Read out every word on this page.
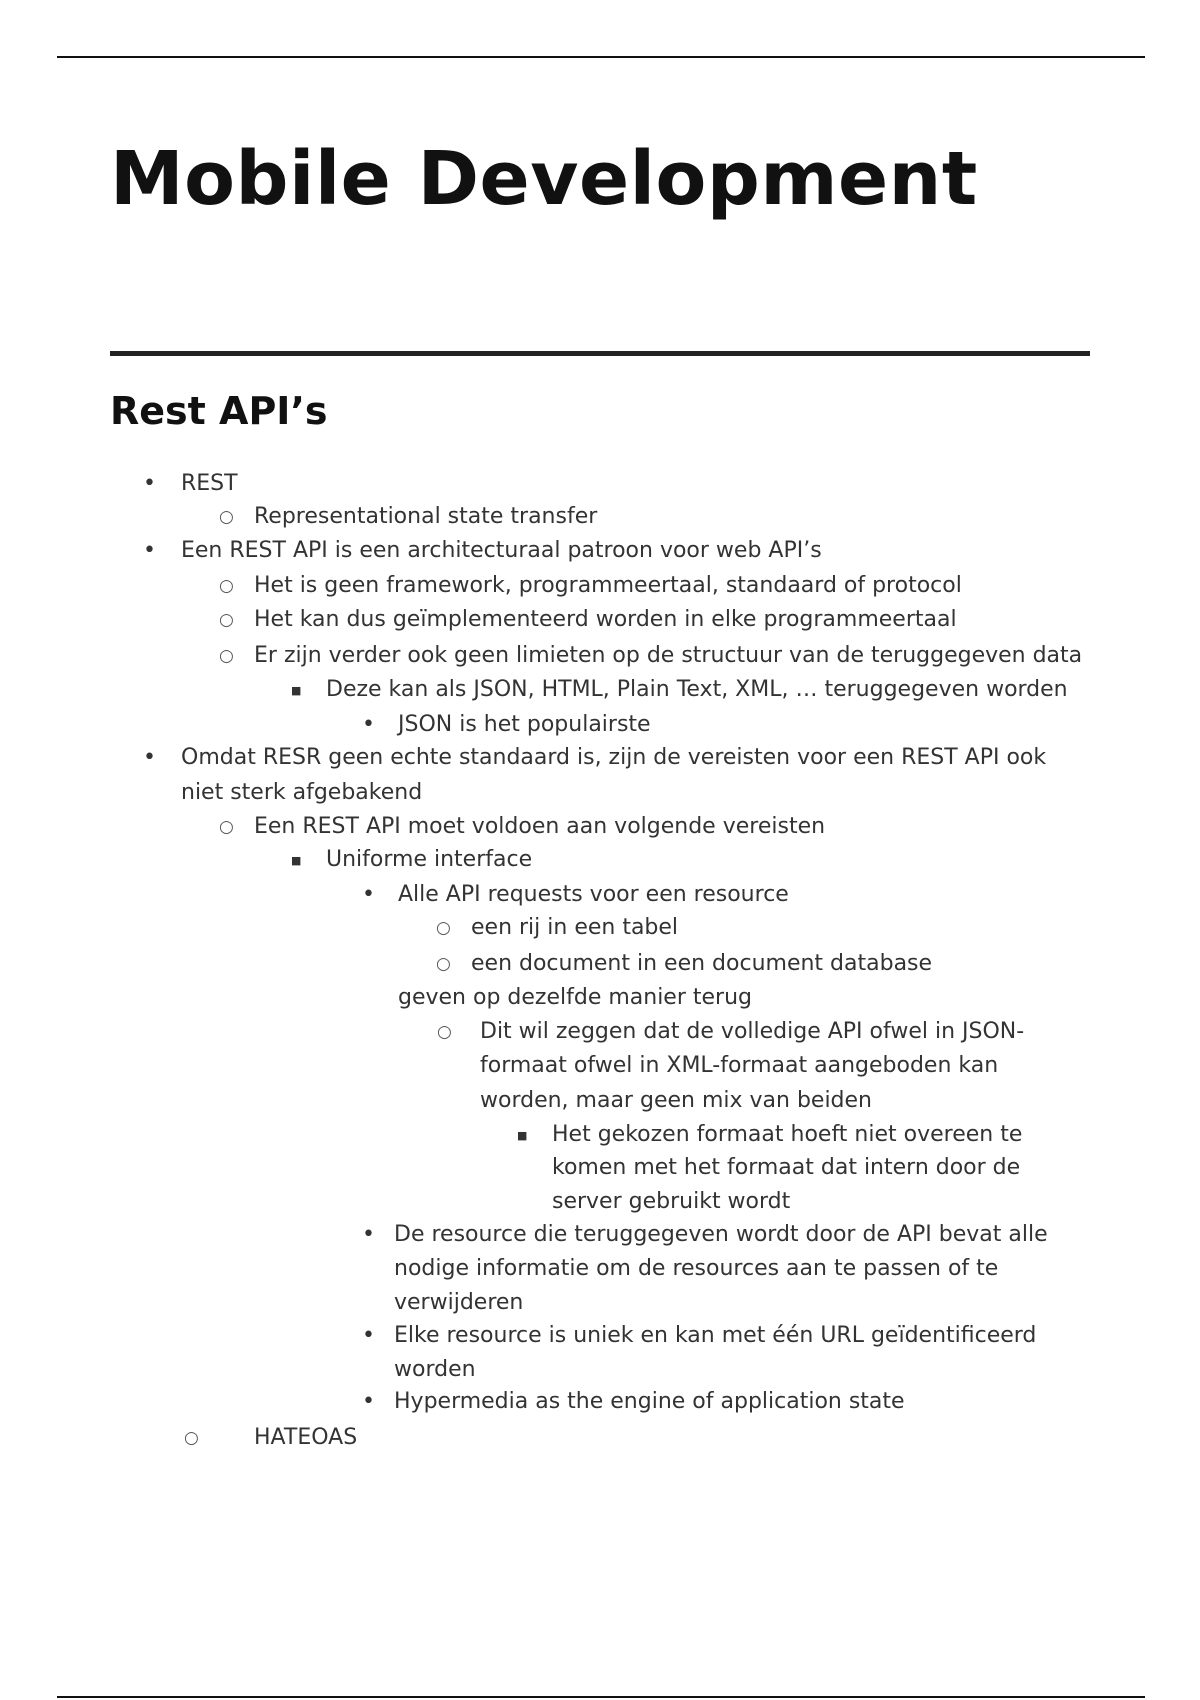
Mobile Development
Rest API’s
• REST
○ Representational state transfer
• Een REST API is een architecturaal patroon voor web API’s
○ Het is geen framework, programmeertaal, standaard of protocol
○ Het kan dus geïmplementeerd worden in elke programmeertaal
○ Er zijn verder ook geen limieten op de structuur van de teruggegeven data
■ Deze kan als JSON, HTML, Plain Text, XML, … teruggegeven worden
• JSON is het populairste
• Omdat RESR geen echte standaard is, zijn de vereisten voor een REST API ook
niet sterk afgebakend
○ Een REST API moet voldoen aan volgende vereisten
■ Uniforme interface
• Alle API requests voor een resource
○ een rij in een tabel
○ een document in een document database
geven op dezelfde manier terug
○ Dit wil zeggen dat de volledige API ofwel in JSON-
formaat ofwel in XML-formaat aangeboden kan
worden, maar geen mix van beiden
■ Het gekozen formaat hoeft niet overeen te
komen met het formaat dat intern door de
server gebruikt wordt
• De resource die teruggegeven wordt door de API bevat alle
nodige informatie om de resources aan te passen of te
verwijderen
• Elke resource is uniek en kan met één URL geïdentificeerd
worden
• Hypermedia as the engine of application state
○	HATEOAS
